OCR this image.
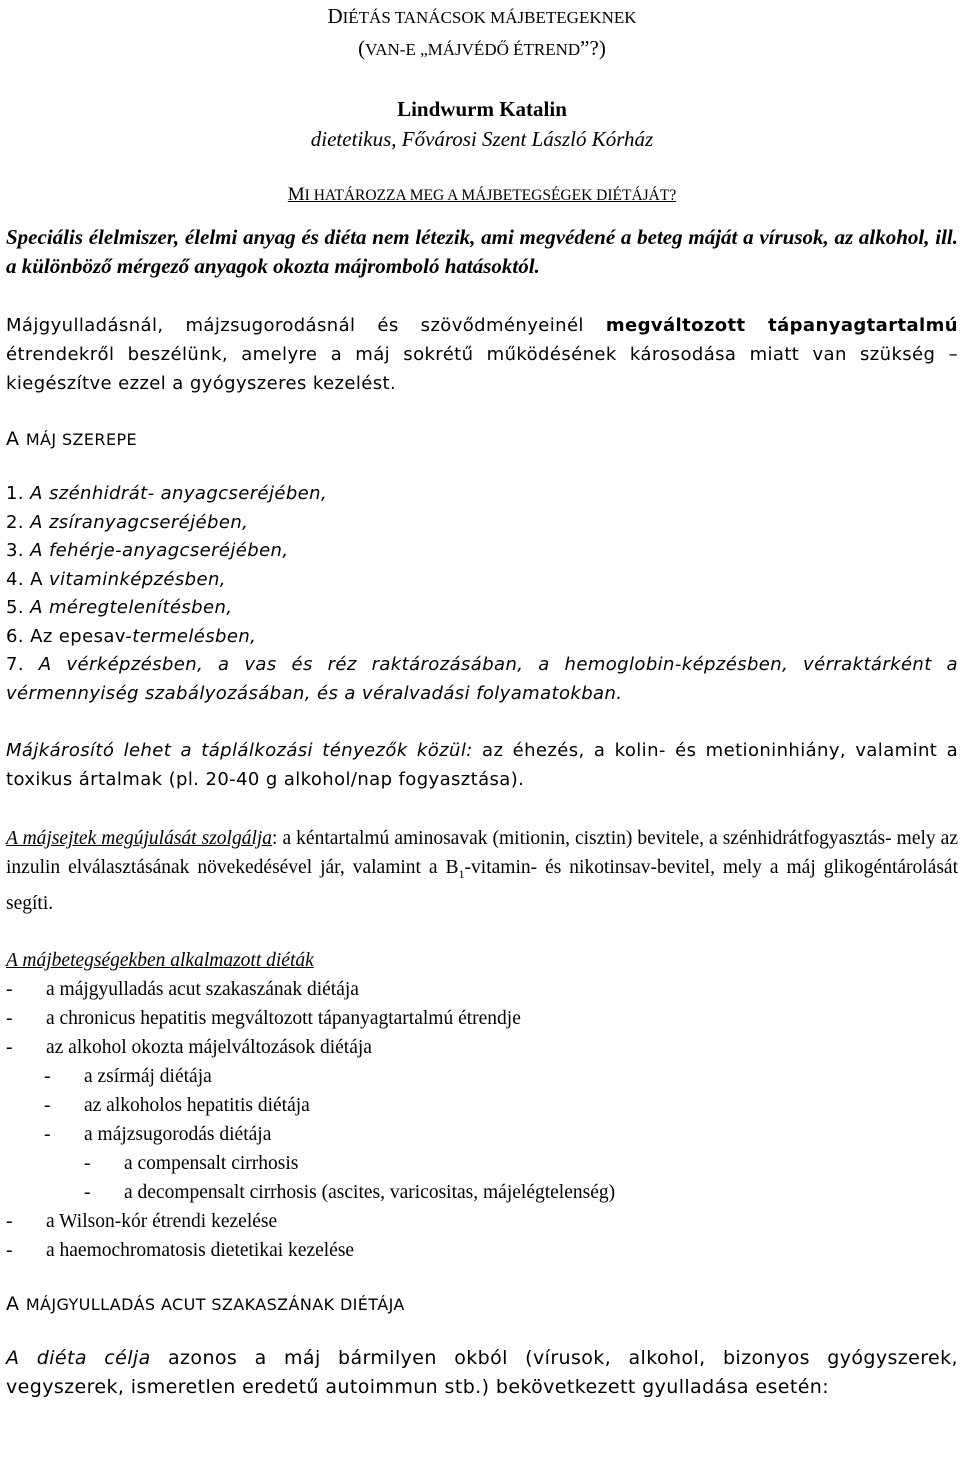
DIÉTÁS TANÁCSOK MÁJBETEGEKNEK
(VAN-E „MÁJVÉDŐ ÉTREND”?)
Lindwurm Katalin
dietetikus, Fővárosi Szent László Kórház
MI HATÁROZZA MEG A MÁJBETEGSÉGEK DIÉTÁJÁT?

Speciális élelmiszer, élelmi anyag és diéta nem létezik, ami megvédené a beteg máját a vírusok, az alkohol, ill. a különböző mérgező anyagok okozta májromboló hatásoktól.

Májgyulladásnál, májzsugorodásnál és szövődményeinél megváltozott tápanyagtartalmú étrendekről beszélünk, amelyre a máj sokrétű működésének károsodása miatt van szükség – kiegészítve ezzel a gyógyszeres kezelést.

A MÁJ SZEREPE
1. A szénhidrát- anyagcseréjében,
2. A zsíranyagcseréjében,
3. A fehérje-anyagcseréjében,
4. A vitaminképzésben,
5. A méregtelenítésben,
6. Az epesav-termelésben,
7. A vérképzésben, a vas és réz raktározásában, a hemoglobin-képzésben, vérraktárként a vérmennyiség szabályozásában, és a véralvadási folyamatokban.

Májkárosító lehet a táplálkozási tényezők közül: az éhezés, a kolin- és metioninhiány, valamint a toxikus ártalmak (pl. 20-40 g alkohol/nap fogyasztása).

A májsejtek megújulását szolgálja: a kéntartalmú aminosavak (mitionin, cisztin) bevitele, a szénhidrátfogyasztás- mely az inzulin elválasztásának növekedésével jár, valamint a $B_1-vitamin-$ és nikotinsav-bevitel, mely a máj glikogéntárolását segíti.

A májbetegségekben alkalmazott diéták
-	a májgyulladás acut szakaszának diétája
-	a chronicus hepatitis megváltozott tápanyagtartalmú étrendje
-	az alkohol okozta májelváltozások diétája
-	a zsírmáj diétája
-	az alkoholos hepatitis diétája
-	a májzsugorodás diétája
-	a compensalt cirrhosis
-	a decompensalt cirrhosis (ascites, varicositas, májelégtelenség)
-	a Wilson-kór étrendi kezelése
-	a haemochromatosis dietetikai kezelése
A MÁJGYULLADÁS ACUT SZAKASZÁNAK DIÉTÁJA

A diéta célja azonos a máj bármilyen okból (vírusok, alkohol, bizonyos gyógyszerek, vegyszerek, ismeretlen eredetű autoimmun stb.) bekövetkezett gyulladása esetén:
